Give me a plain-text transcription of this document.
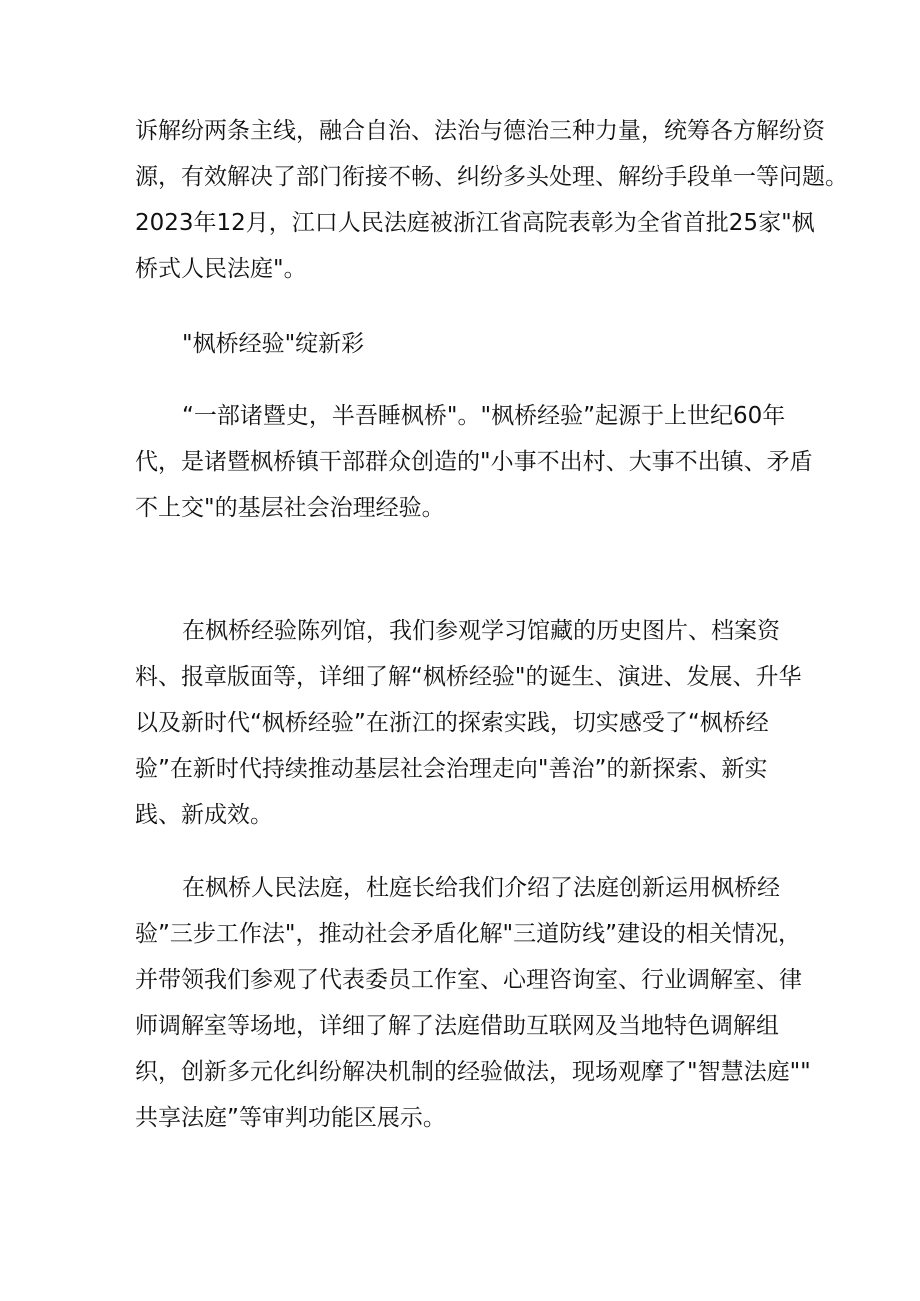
诉解纷两条主线，融合自治、法治与德治三种力量，统筹各方解纷资
源，有效解决了部门衔接不畅、纠纷多头处理、解纷手段单一等问题。
2023年12月，江口人民法庭被浙江省高院表彰为全省首批25家"枫
桥式人民法庭"。
"枫桥经验"绽新彩
“一部诸暨史，半吾睡枫桥"。"枫桥经验”起源于上世纪60年
代，是诸暨枫桥镇干部群众创造的"小事不出村、大事不出镇、矛盾
不上交"的基层社会治理经验。
在枫桥经验陈列馆，我们参观学习馆藏的历史图片、档案资
料、报章版面等，详细了解“枫桥经验"的诞生、演进、发展、升华
以及新时代“枫桥经验”在浙江的探索实践，切实感受了“枫桥经
验”在新时代持续推动基层社会治理走向"善治”的新探索、新实
践、新成效。
在枫桥人民法庭，杜庭长给我们介绍了法庭创新运用枫桥经
验”三步工作法"，推动社会矛盾化解"三道防线”建设的相关情况，
并带领我们参观了代表委员工作室、心理咨询室、行业调解室、律
师调解室等场地，详细了解了法庭借助互联网及当地特色调解组
织，创新多元化纠纷解决机制的经验做法，现场观摩了"智慧法庭""
共享法庭”等审判功能区展示。
